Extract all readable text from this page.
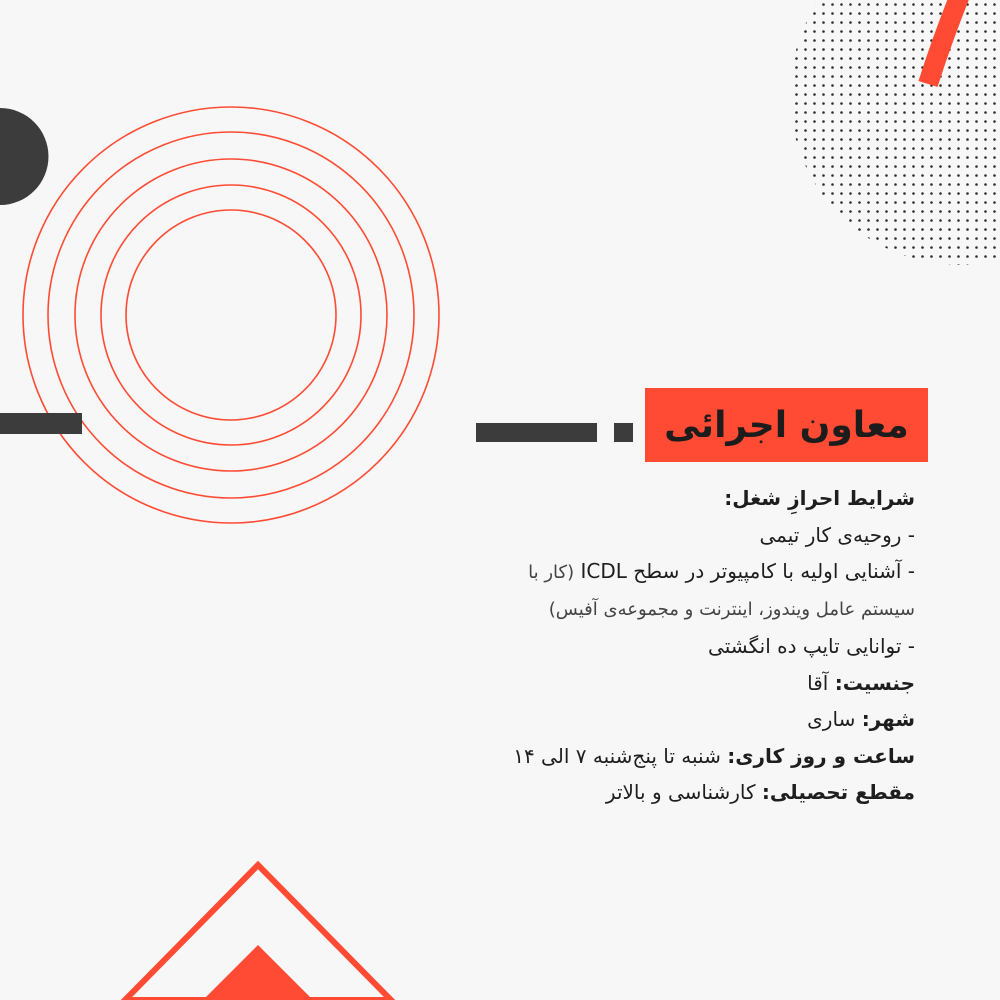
معاون اجرائی
شرایط احرازِ شغل:
- روحیه‌ی کار تیمی
- آشنایی اولیه با کامپیوتر در سطح ICDL (کار با
سیستم عامل ویندوز، اینترنت و مجموعه‌ی آفیس)
- توانایی تایپ ده انگشتی
جنسیت: آقا
شهر: ساری
ساعت و روز کاری: شنبه تا پنج‌شنبه ۷ الی ۱۴
مقطع تحصیلی: کارشناسی و بالاتر
